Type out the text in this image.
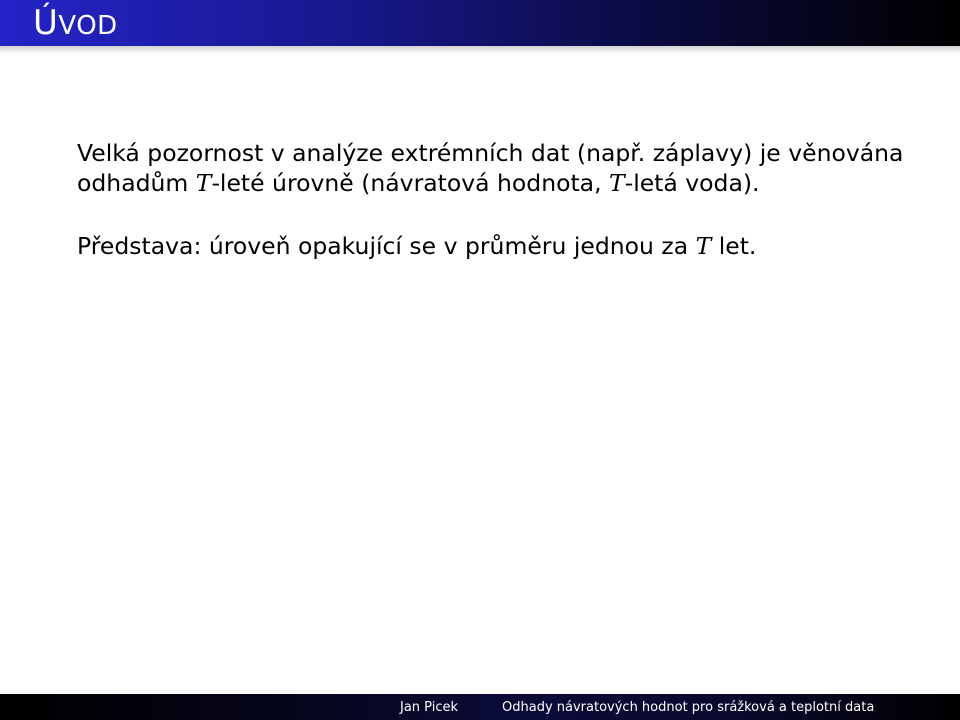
ÚVOD

Velká pozornost v analýze extrémních dat (např. záplavy) je věnována odhadům T-leté úrovně (návratová hodnota, T-letá voda).

Představa: úroveň opakující se v průměru jednou za T let.

Jan Picek	Odhady návratových hodnot pro srážková a teplotní data
